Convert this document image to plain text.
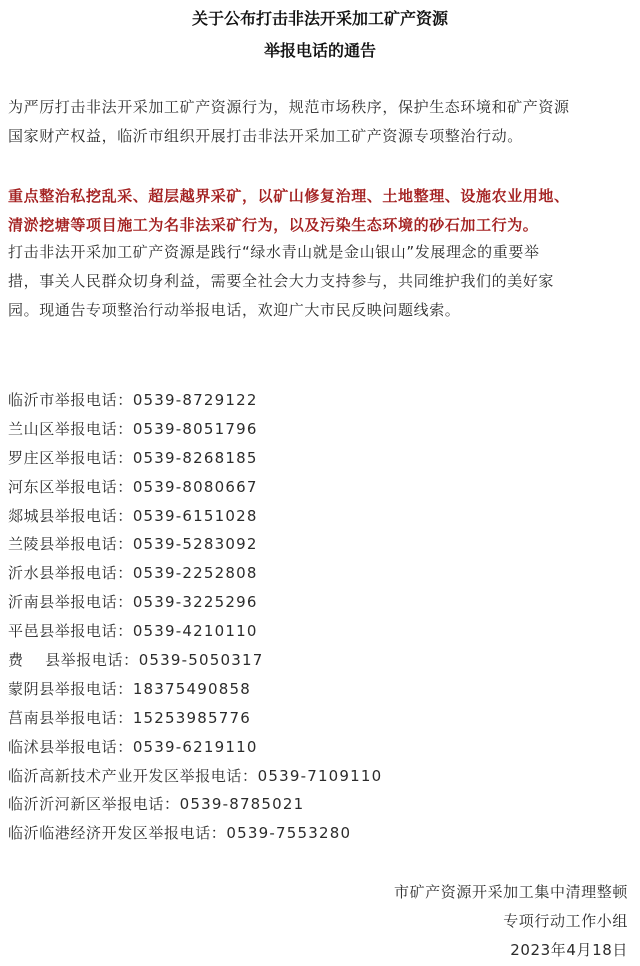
关于公布打击非法开采加工矿产资源
举报电话的通告

为严厉打击非法开采加工矿产资源行为，规范市场秩序，保护生态环境和矿产资源

国家财产权益，临沂市组织开展打击非法开采加工矿产资源专项整治行动。

重点整治私挖乱采、超层越界采矿，以矿山修复治理、土地整理、设施农业用地、

清淤挖塘等项目施工为名非法采矿行为，以及污染生态环境的砂石加工行为。

打击非法开采加工矿产资源是践行“绿水青山就是金山银山”发展理念的重要举

措，事关人民群众切身利益，需要全社会大力支持参与，共同维护我们的美好家

园。现通告专项整治行动举报电话，欢迎广大市民反映问题线索。

临沂市举报电话：0539-8729122
兰山区举报电话：0539-8051796
罗庄区举报电话：0539-8268185
河东区举报电话：0539-8080667
郯城县举报电话：0539-6151028
兰陵县举报电话：0539-5283092
沂水县举报电话：0539-2252808
沂南县举报电话：0539-3225296
平邑县举报电话：0539-4210110
费    县举报电话：0539-5050317
蒙阴县举报电话：18375490858
莒南县举报电话：15253985776
临沭县举报电话：0539-6219110
临沂高新技术产业开发区举报电话：0539-7109110
临沂沂河新区举报电话：0539-8785021
临沂临港经济开发区举报电话：0539-7553280
市矿产资源开采加工集中清理整顿
专项行动工作小组
2023年4月18日
